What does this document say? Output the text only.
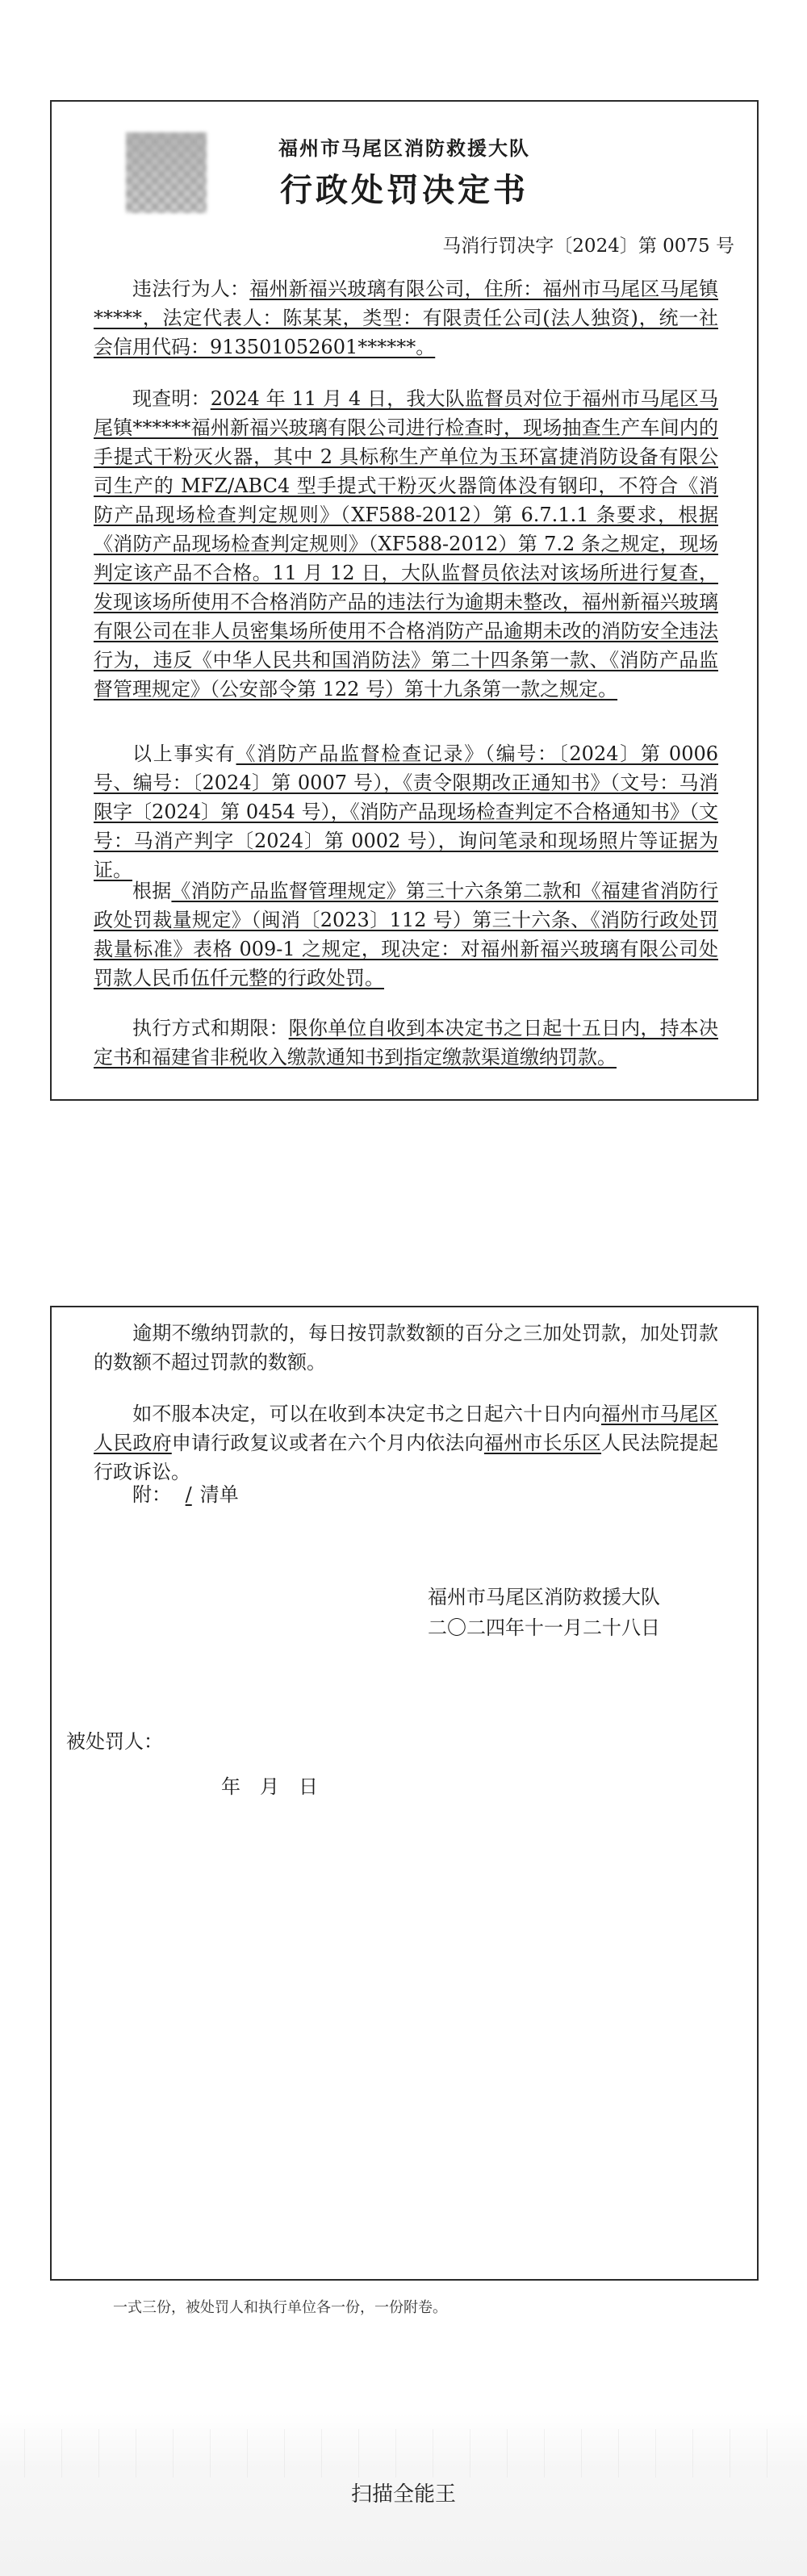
福州市马尾区消防救援大队
行政处罚决定书
马消行罚决字〔2024〕第 0075 号
违法行为人：福州新福兴玻璃有限公司，住所：福州市马尾区马尾镇*****，法定代表人：陈某某，类型：有限责任公司(法人独资)，统一社会信用代码：913501052601******。
现查明：2024 年 11 月 4 日，我大队监督员对位于福州市马尾区马尾镇******福州新福兴玻璃有限公司进行检查时，现场抽查生产车间内的手提式干粉灭火器，其中 2 具标称生产单位为玉环富捷消防设备有限公司生产的 MFZ/ABC4 型手提式干粉灭火器筒体没有钢印，不符合《消防产品现场检查判定规则》（XF588-2012）第 6.7.1.1 条要求，根据《消防产品现场检查判定规则》（XF588-2012）第 7.2 条之规定，现场判定该产品不合格。11 月 12 日，大队监督员依法对该场所进行复查，发现该场所使用不合格消防产品的违法行为逾期未整改，福州新福兴玻璃有限公司在非人员密集场所使用不合格消防产品逾期未改的消防安全违法行为，违反《中华人民共和国消防法》第二十四条第一款、《消防产品监督管理规定》（公安部令第 122 号）第十九条第一款之规定。
以上事实有《消防产品监督检查记录》（编号：〔2024〕第 0006 号、编号：〔2024〕第 0007 号），《责令限期改正通知书》（文号：马消限字〔2024〕第 0454 号），《消防产品现场检查判定不合格通知书》（文号：马消产判字〔2024〕第 0002 号），询问笔录和现场照片等证据为证。
根据《消防产品监督管理规定》第三十六条第二款和《福建省消防行政处罚裁量规定》（闽消〔2023〕112 号）第三十六条、《消防行政处罚裁量标准》表格 009-1 之规定，现决定：对福州新福兴玻璃有限公司处罚款人民币伍仟元整的行政处罚。
执行方式和期限：限你单位自收到本决定书之日起十五日内，持本决定书和福建省非税收入缴款通知书到指定缴款渠道缴纳罚款。
逾期不缴纳罚款的，每日按罚款数额的百分之三加处罚款，加处罚款的数额不超过罚款的数额。
如不服本决定，可以在收到本决定书之日起六十日内向福州市马尾区人民政府申请行政复议或者在六个月内依法向福州市长乐区人民法院提起行政诉讼。
附： / 清单
福州市马尾区消防救援大队
二〇二四年十一月二十八日
被处罚人：
年　月　日
一式三份，被处罚人和执行单位各一份，一份附卷。
扫描全能王
